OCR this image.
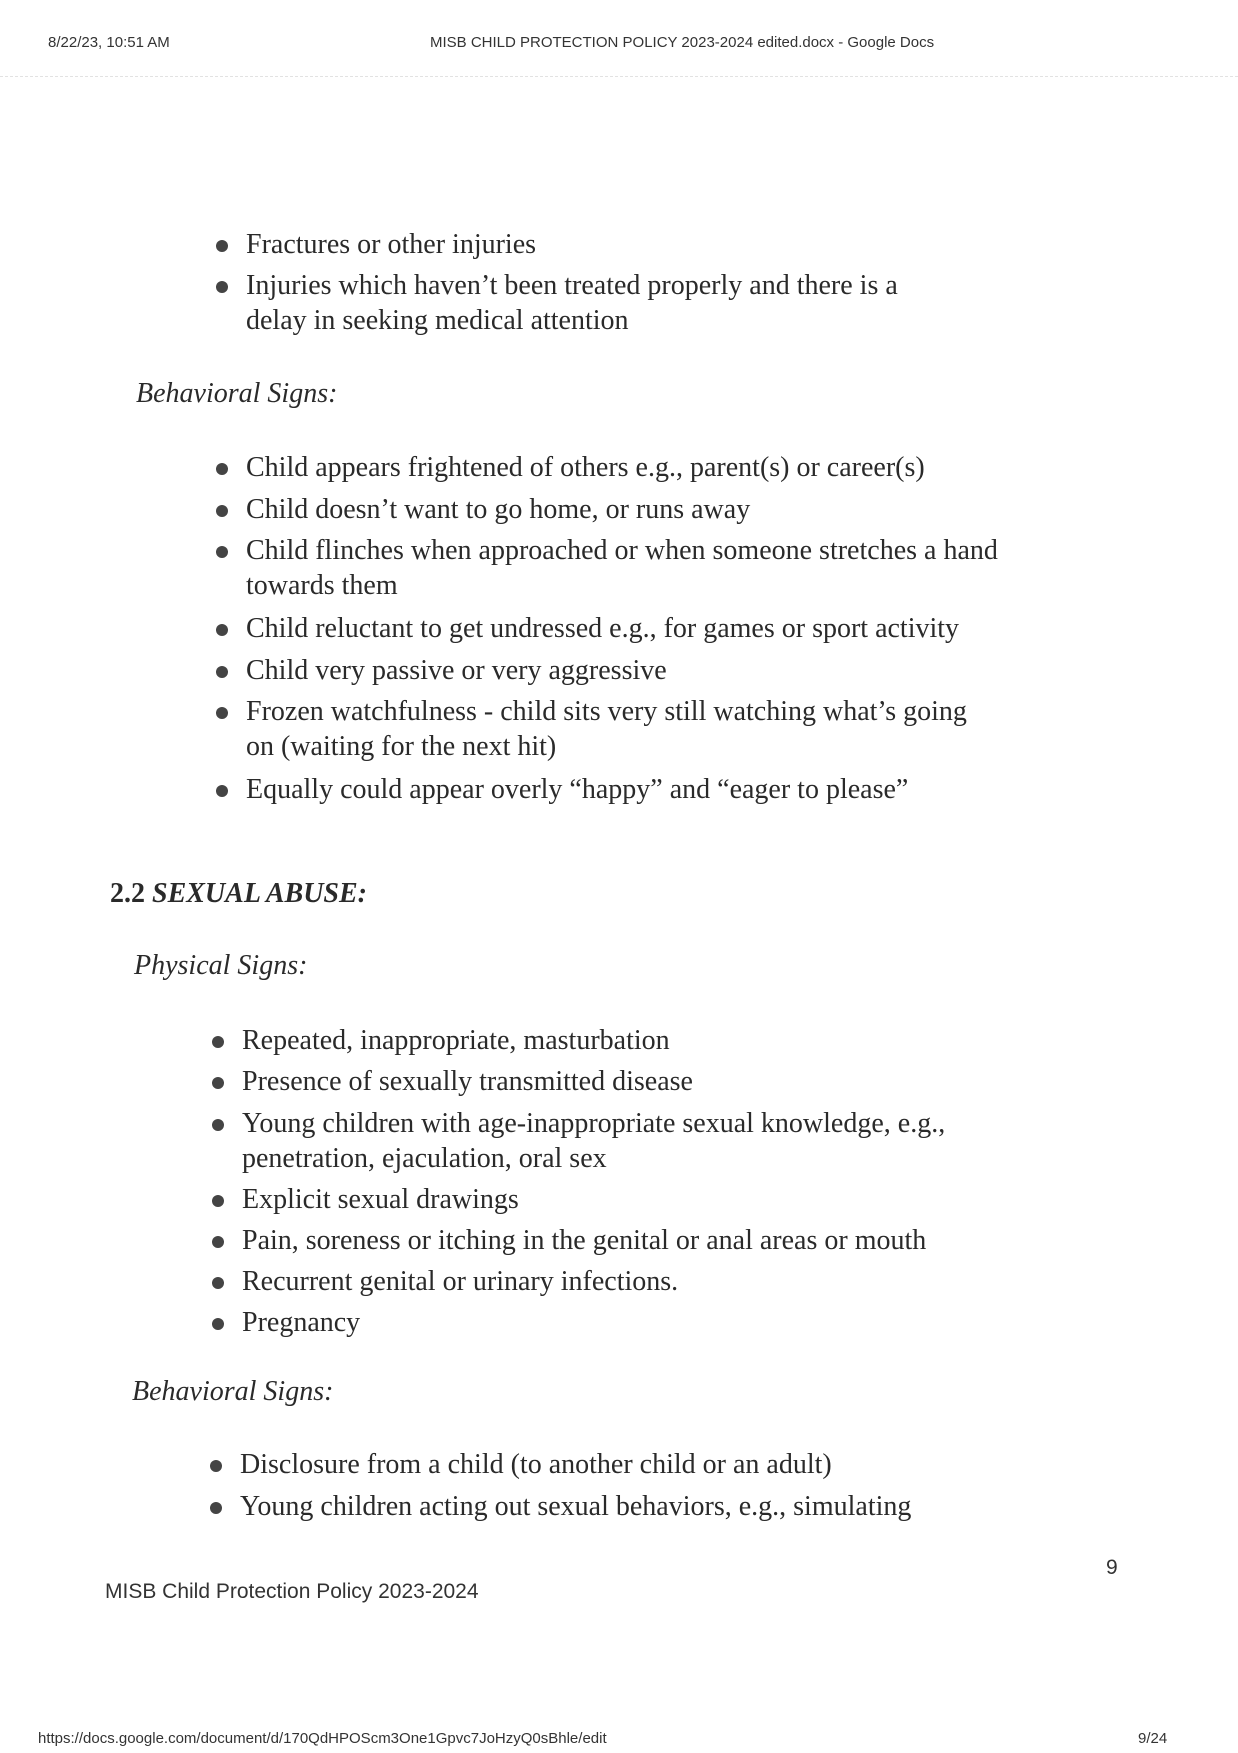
8/22/23, 10:51 AM	MISB CHILD PROTECTION POLICY 2023-2024 edited.docx - Google Docs
Fractures or other injuries
Injuries which haven’t been treated properly and there is a
delay in seeking medical attention
Behavioral Signs:
Child appears frightened of others e.g., parent(s) or career(s)
Child doesn’t want to go home, or runs away
Child flinches when approached or when someone stretches a hand
towards them
Child reluctant to get undressed e.g., for games or sport activity
Child very passive or very aggressive
Frozen watchfulness - child sits very still watching what’s going
on (waiting for the next hit)
Equally could appear overly “happy” and “eager to please”
2.2 SEXUAL ABUSE:
Physical Signs:
Repeated, inappropriate, masturbation
Presence of sexually transmitted disease
Young children with age-inappropriate sexual knowledge, e.g.,
penetration, ejaculation, oral sex
Explicit sexual drawings
Pain, soreness or itching in the genital or anal areas or mouth
Recurrent genital or urinary infections.
Pregnancy
Behavioral Signs:
Disclosure from a child (to another child or an adult)
Young children acting out sexual behaviors, e.g., simulating
9
MISB Child Protection Policy 2023-2024
https://docs.google.com/document/d/170QdHPOScm3One1Gpvc7JoHzyQ0sBhle/edit	9/24
